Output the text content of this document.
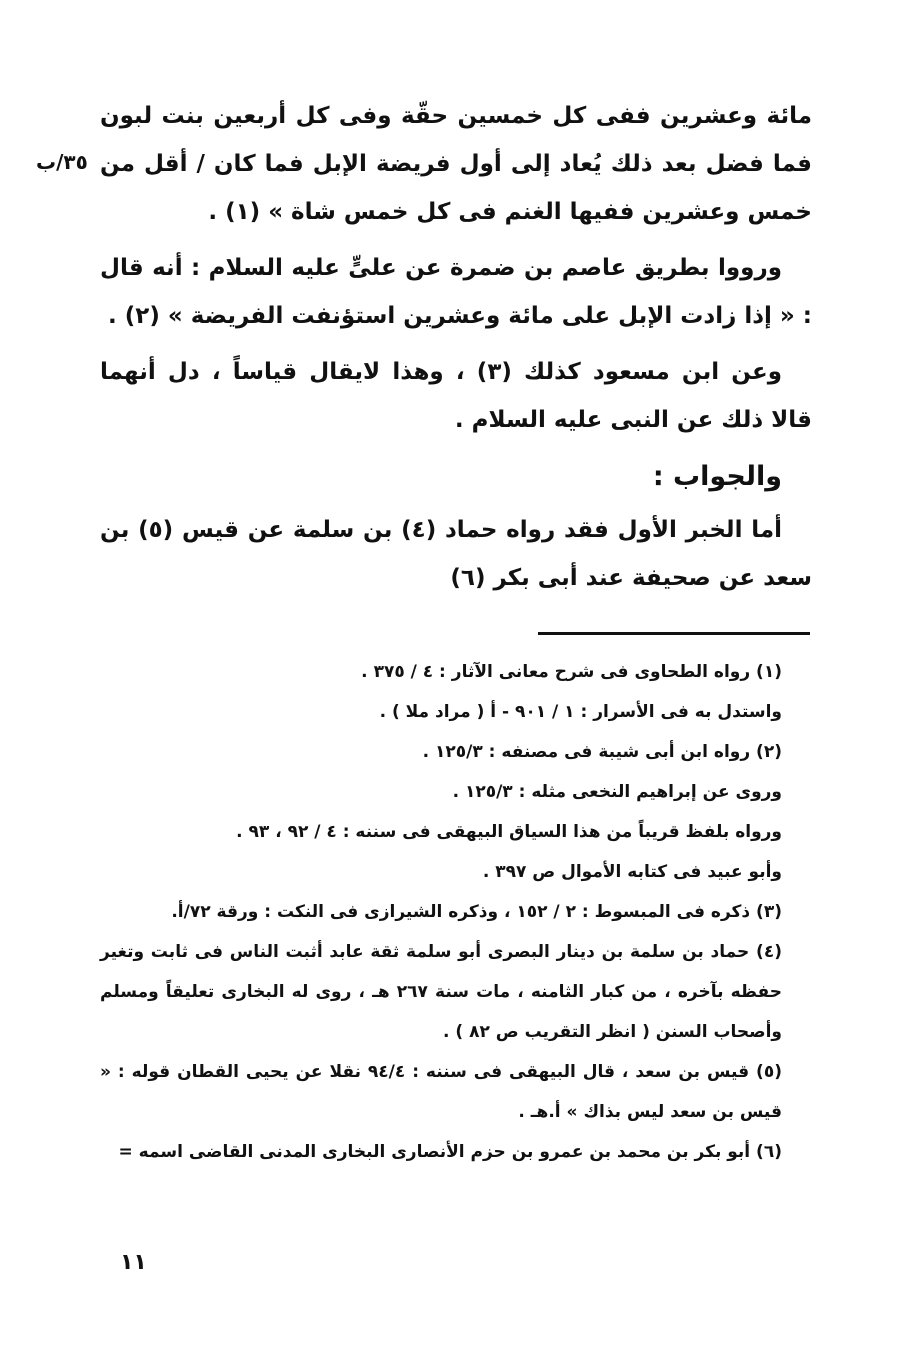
٣٥/ب

مائة وعشرين ففى كل خمسين حقّة وفى كل أربعين بنت لبون فما فضل بعد ذلك يُعاد إلى أول فريضة الإبل فما كان / أقل من خمس وعشرين ففيها الغنم فى كل خمس شاة » (١) .

ورووا بطريق عاصم بن ضمرة عن علىٍّ عليه السلام : أنه قال : « إذا زادت الإبل على مائة وعشرين استؤنفت الفريضة » (٢) .

وعن ابن مسعود كذلك (٣) ، وهذا لايقال قياساً ، دل أنهما قالا ذلك عن النبى عليه السلام .

والجواب :

أما الخبر الأول فقد رواه حماد (٤) بن سلمة عن قيس (٥) بن سعد عن صحيفة عند أبى بكر (٦)

(١) رواه الطحاوى فى شرح معانى الآثار : ٤ / ٣٧٥ .

واستدل به فى الأسرار : ١ / ٩٠١ - أ ( مراد ملا ) .

(٢) رواه ابن أبى شيبة فى مصنفه : ١٢٥/٣ .

وروى عن إبراهيم النخعى مثله : ١٢٥/٣ .

ورواه بلفظ قريباً من هذا السياق البيهقى فى سننه : ٤ / ٩٢ ، ٩٣ .

وأبو عبيد فى كتابه الأموال ص ٣٩٧ .

(٣) ذكره فى المبسوط : ٢ / ١٥٢ ، وذكره الشيرازى فى النكت : ورقة ٧٢/أ.

(٤) حماد بن سلمة بن دينار البصرى أبو سلمة ثقة عابد أثبت الناس فى ثابت وتغير حفظه بآخره ، من كبار الثامنه ، مات سنة ٢٦٧ هـ ، روى له البخارى تعليقاً ومسلم وأصحاب السنن ( انظر التقريب ص ٨٢ ) .

(٥) قيس بن سعد ، قال البيهقى فى سننه : ٩٤/٤ نقلا عن يحيى القطان قوله : « قيس بن سعد ليس بذاك » أ.هـ .

(٦) أبو بكر بن محمد بن عمرو بن حزم الأنصارى البخارى المدنى القاضى اسمه =

١١
